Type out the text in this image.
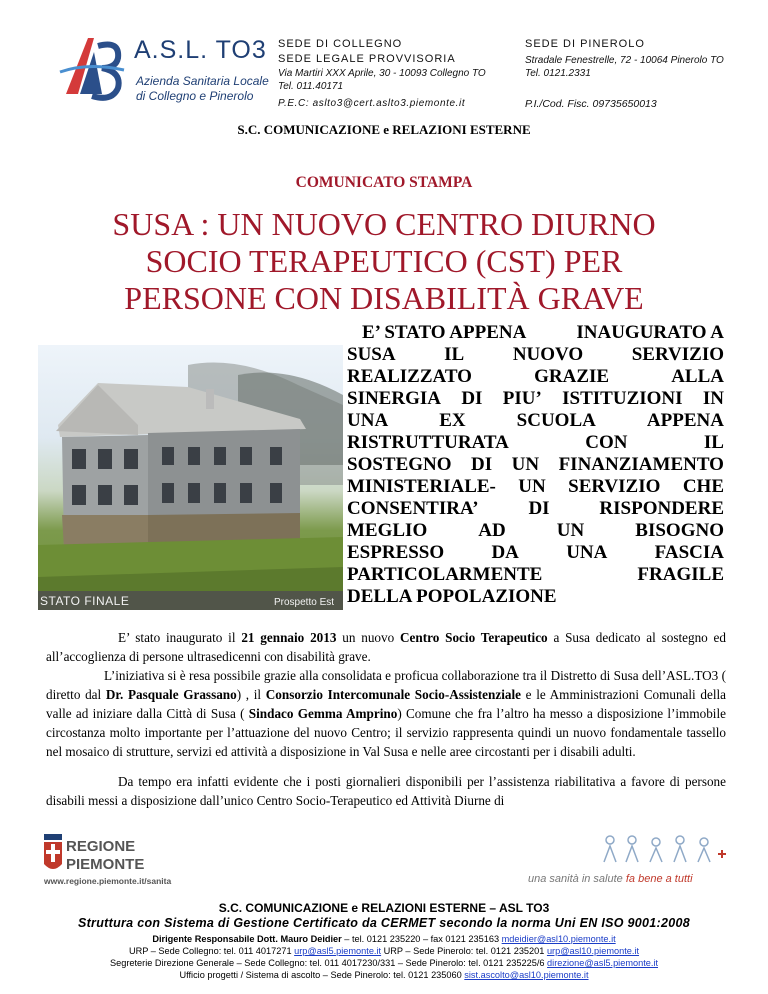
A.S.L. TO3
Azienda Sanitaria Locale
di Collegno e Pinerolo
SEDE DI COLLEGNO
SEDE LEGALE PROVVISORIA
Via Martiri XXX Aprile, 30 - 10093 Collegno TO
Tel. 011.40171
P.E.C: aslto3@cert.aslto3.piemonte.it
SEDE DI PINEROLO
Stradale Fenestrelle, 72 - 10064 Pinerolo TO
Tel. 0121.2331
P.I./Cod. Fisc. 09735650013
S.C. COMUNICAZIONE e RELAZIONI ESTERNE
COMUNICATO STAMPA
SUSA : UN NUOVO CENTRO DIURNO
SOCIO TERAPEUTICO (CST) PER
PERSONE CON DISABILITÀ GRAVE
STATO FINALE	Prospetto Est
E’ STATO APPENA	INAUGURATO A
SUSA	IL	NUOVO	SERVIZIO
REALIZZATO	GRAZIE	ALLA
SINERGIA DI PIU’ ISTITUZIONI IN
UNA	EX	SCUOLA	APPENA
RISTRUTTURATA	CON	IL
SOSTEGNO DI UN FINANZIAMENTO
MINISTERIALE- UN SERVIZIO CHE
CONSENTIRA’	DI	RISPONDERE
MEGLIO	AD	UN	BISOGNO
ESPRESSO DA UNA FASCIA
PARTICOLARMENTE	FRAGILE
DELLA POPOLAZIONE

E’ stato inaugurato il 21 gennaio 2013 un nuovo Centro Socio Terapeutico a Susa dedicato al sostegno ed all’accoglienza di persone ultrasedicenni con disabilità grave.

L’iniziativa si è resa possibile grazie alla consolidata e proficua collaborazione tra il Distretto di Susa dell’ASL.TO3 ( diretto dal Dr. Pasquale Grassano) , il Consorzio Intercomunale Socio-Assistenziale e le Amministrazioni Comunali della valle ad iniziare dalla Città di Susa ( Sindaco Gemma Amprino) Comune che fra l’altro ha messo a disposizione l’immobile circostanza molto importante per l’attuazione del nuovo Centro; il servizio rappresenta quindi un nuovo fondamentale tassello nel mosaico di strutture, servizi ed attività a disposizione in Val Susa e nelle aree circostanti per i disabili adulti.

Da tempo era infatti evidente che i posti giornalieri disponibili per l’assistenza riabilitativa a favore di persone disabili messi a disposizione dall’unico Centro Socio-Terapeutico ed Attività Diurne di

REGIONE
PIEMONTE
www.regione.piemonte.it/sanita	una sanità in salute fa bene a tutti
S.C. COMUNICAZIONE e RELAZIONI ESTERNE – ASL TO3
Struttura con Sistema di Gestione Certificato da CERMET secondo la norma Uni EN ISO 9001:2008
Dirigente Responsabile Dott. Mauro Deidier – tel. 0121 235220 – fax 0121 235163 mdeidier@asl10.piemonte.it
URP – Sede Collegno: tel. 011 4017271 urp@asl5.piemonte.it URP – Sede Pinerolo: tel. 0121 235201 urp@asl10.piemonte.it
Segreterie Direzione Generale – Sede Collegno: tel. 011 4017230/331 – Sede Pinerolo: tel. 0121 235225/6 direzione@asl5.piemonte.it
Ufficio progetti / Sistema di ascolto – Sede Pinerolo: tel. 0121 235060 sist.ascolto@asl10.piemonte.it
